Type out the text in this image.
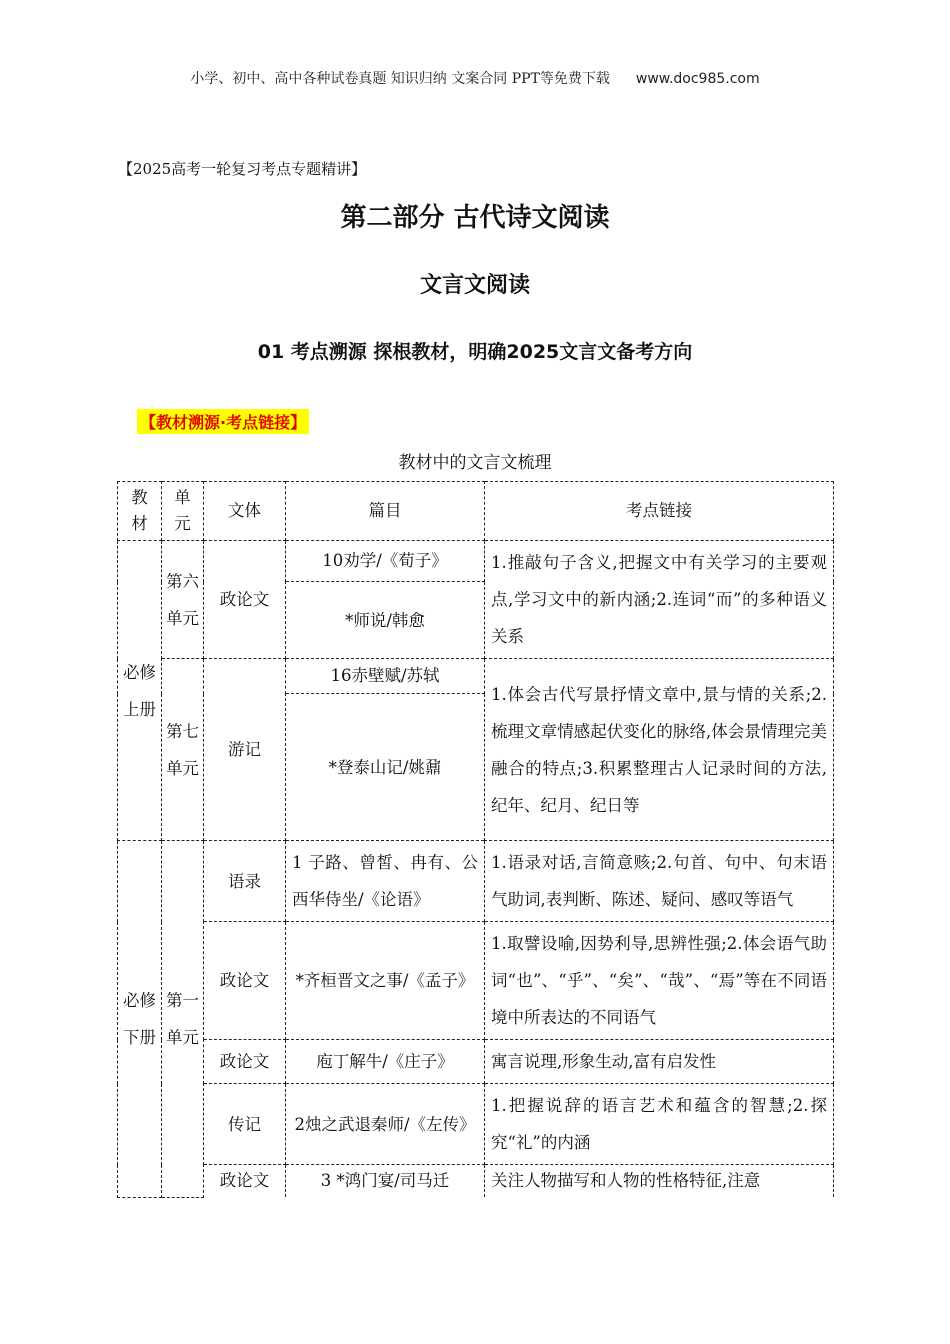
小学、初中、高中各种试卷真题 知识归纳 文案合同 PPT等免费下载 www.doc985.com
【2025高考一轮复习考点专题精讲】
第二部分 古代诗文阅读
文言文阅读
01 考点溯源 探根教材，明确2025文言文备考方向
【教材溯源·考点链接】
教材中的文言文梳理
教材	单元	文体	篇目	考点链接
必修上册	第六单元	政论文	10劝学/《荀子》	1.推敲句子含义,把握文中有关学习的主要观点,学习文中的新内涵;2.连词“而”的多种语义关系
			*师说/韩愈	
	第七单元	游记	16赤壁赋/苏轼	1.体会古代写景抒情文章中,景与情的关系;2.梳理文章情感起伏变化的脉络,体会景情理完美融合的特点;3.积累整理古人记录时间的方法,纪年、纪月、纪日等
			*登泰山记/姚鼐	
必修下册	第一单元	语录	1 子路、曾皙、冉有、公西华侍坐/《论语》	1.语录对话,言简意赅;2.句首、句中、句末语气助词,表判断、陈述、疑问、感叹等语气
		政论文	*齐桓晋文之事/《孟子》	1.取譬设喻,因势利导,思辨性强;2.体会语气助词“也”、“乎”、“矣”、“哉”、“焉”等在不同语境中所表达的不同语气
		政论文	庖丁解牛/《庄子》	寓言说理,形象生动,富有启发性
		传记	2烛之武退秦师/《左传》	1.把握说辞的语言艺术和蕴含的智慧;2.探究“礼”的内涵
		政论文	3 *鸿门宴/司马迁	关注人物描写和人物的性格特征,注意
